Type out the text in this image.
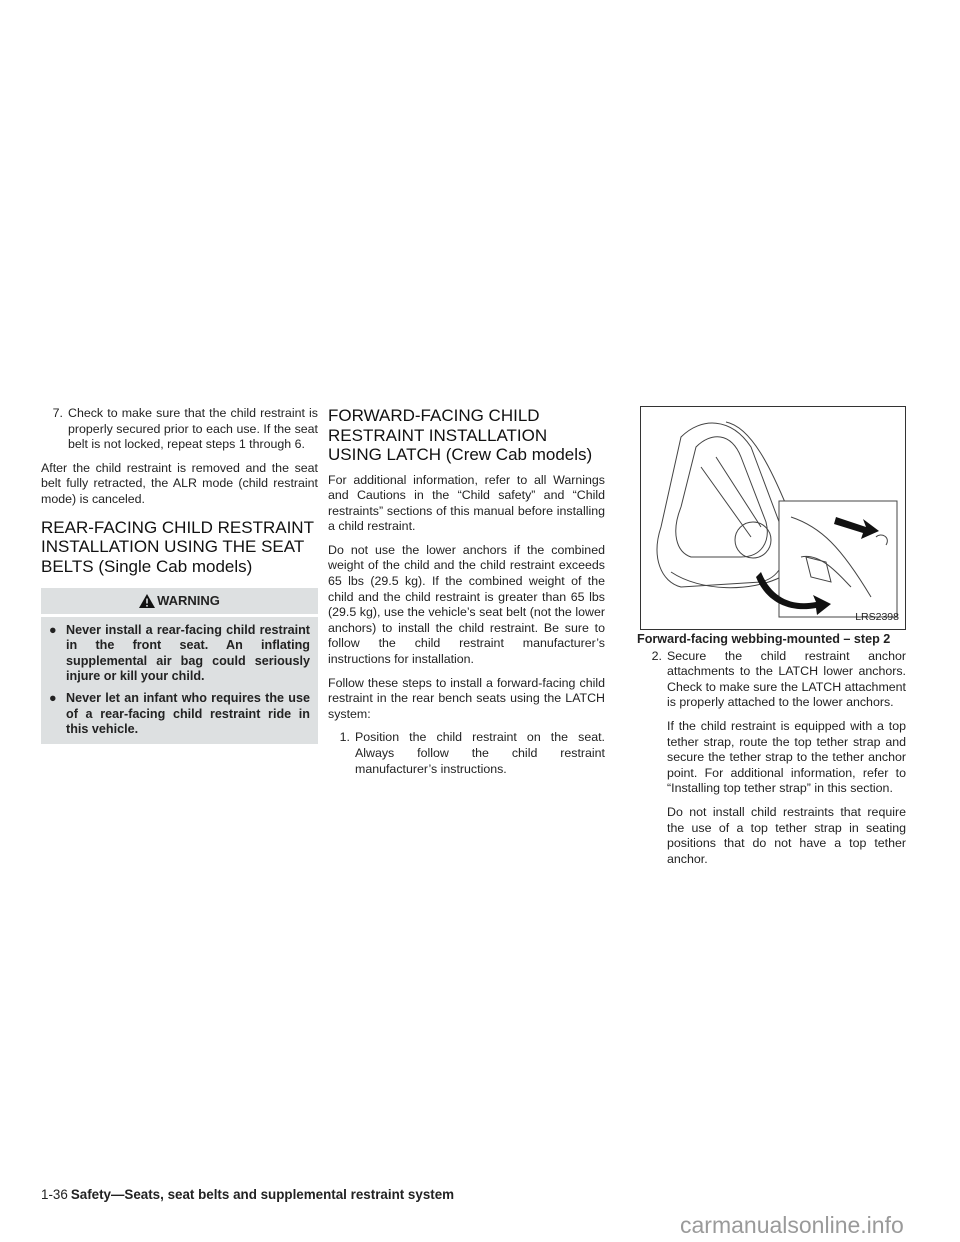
7. Check to make sure that the child restraint is properly secured prior to each use. If the seat belt is not locked, repeat steps 1 through 6.

After the child restraint is removed and the seat belt fully retracted, the ALR mode (child restraint mode) is canceled.

REAR-FACING CHILD RESTRAINT INSTALLATION USING THE SEAT BELTS (Single Cab models)
WARNING
● Never install a rear-facing child restraint in the front seat. An inflating supplemental air bag could seriously injure or kill your child.
● Never let an infant who requires the use of a rear-facing child restraint ride in this vehicle.
FORWARD-FACING CHILD RESTRAINT INSTALLATION USING LATCH (Crew Cab models)

For additional information, refer to all Warnings and Cautions in the “Child safety” and “Child restraints” sections of this manual before installing a child restraint.

Do not use the lower anchors if the combined weight of the child and the child restraint exceeds 65 lbs (29.5 kg). If the combined weight of the child and the child restraint is greater than 65 lbs (29.5 kg), use the vehicle’s seat belt (not the lower anchors) to install the child restraint. Be sure to follow the child restraint manufacturer’s instructions for installation.

Follow these steps to install a forward-facing child restraint in the rear bench seats using the LATCH system:

1. Position the child restraint on the seat. Always follow the child restraint manufacturer’s instructions.
LRS2398
Forward-facing webbing-mounted – step 2
2. Secure the child restraint anchor attachments to the LATCH lower anchors. Check to make sure the LATCH attachment is properly attached to the lower anchors.

If the child restraint is equipped with a top tether strap, route the top tether strap and secure the tether strap to the tether anchor point. For additional information, refer to “Installing top tether strap” in this section.

Do not install child restraints that require the use of a top tether strap in seating positions that do not have a top tether anchor.

1-36 Safety—Seats, seat belts and supplemental restraint system
carmanualsonline.info
